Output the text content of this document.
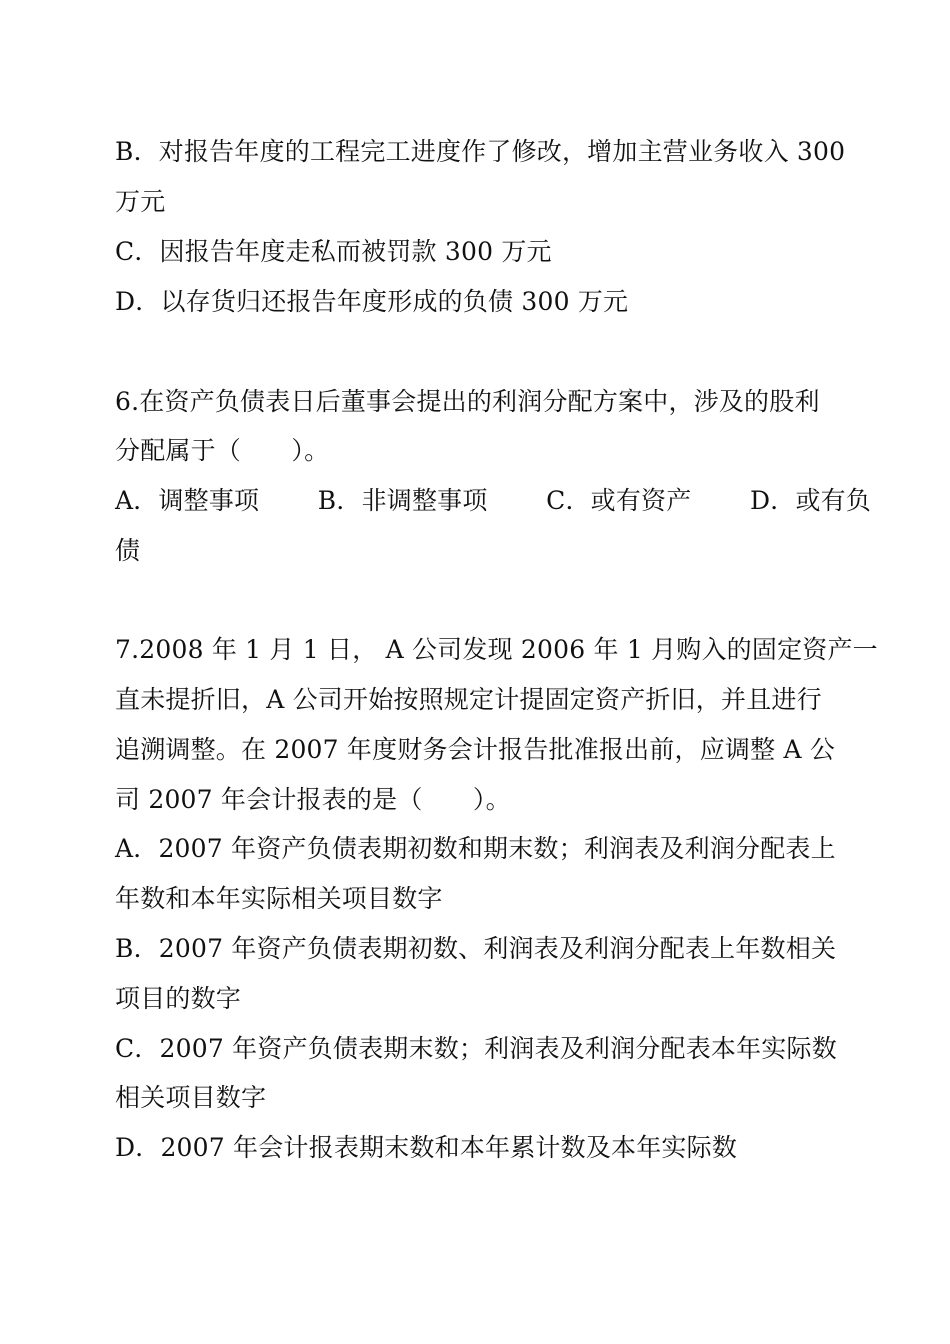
B．对报告年度的工程完工进度作了修改，增加主营业务收入 300
万元
C．因报告年度走私而被罚款 300 万元
D．以存货归还报告年度形成的负债 300 万元
6.在资产负债表日后董事会提出的利润分配方案中，涉及的股利
分配属于（　　）。
A．调整事项　　 B．非调整事项　　 C．或有资产　　 D．或有负
债
7.2008 年 1 月 1 日， A 公司发现 2006 年 1 月购入的固定资产一
直未提折旧，A 公司开始按照规定计提固定资产折旧，并且进行
追溯调整。在 2007 年度财务会计报告批准报出前，应调整 A 公
司 2007 年会计报表的是（　　）。
A．2007 年资产负债表期初数和期末数；利润表及利润分配表上
年数和本年实际相关项目数字
B．2007 年资产负债表期初数、利润表及利润分配表上年数相关
项目的数字
C．2007 年资产负债表期末数；利润表及利润分配表本年实际数
相关项目数字
D．2007 年会计报表期末数和本年累计数及本年实际数
